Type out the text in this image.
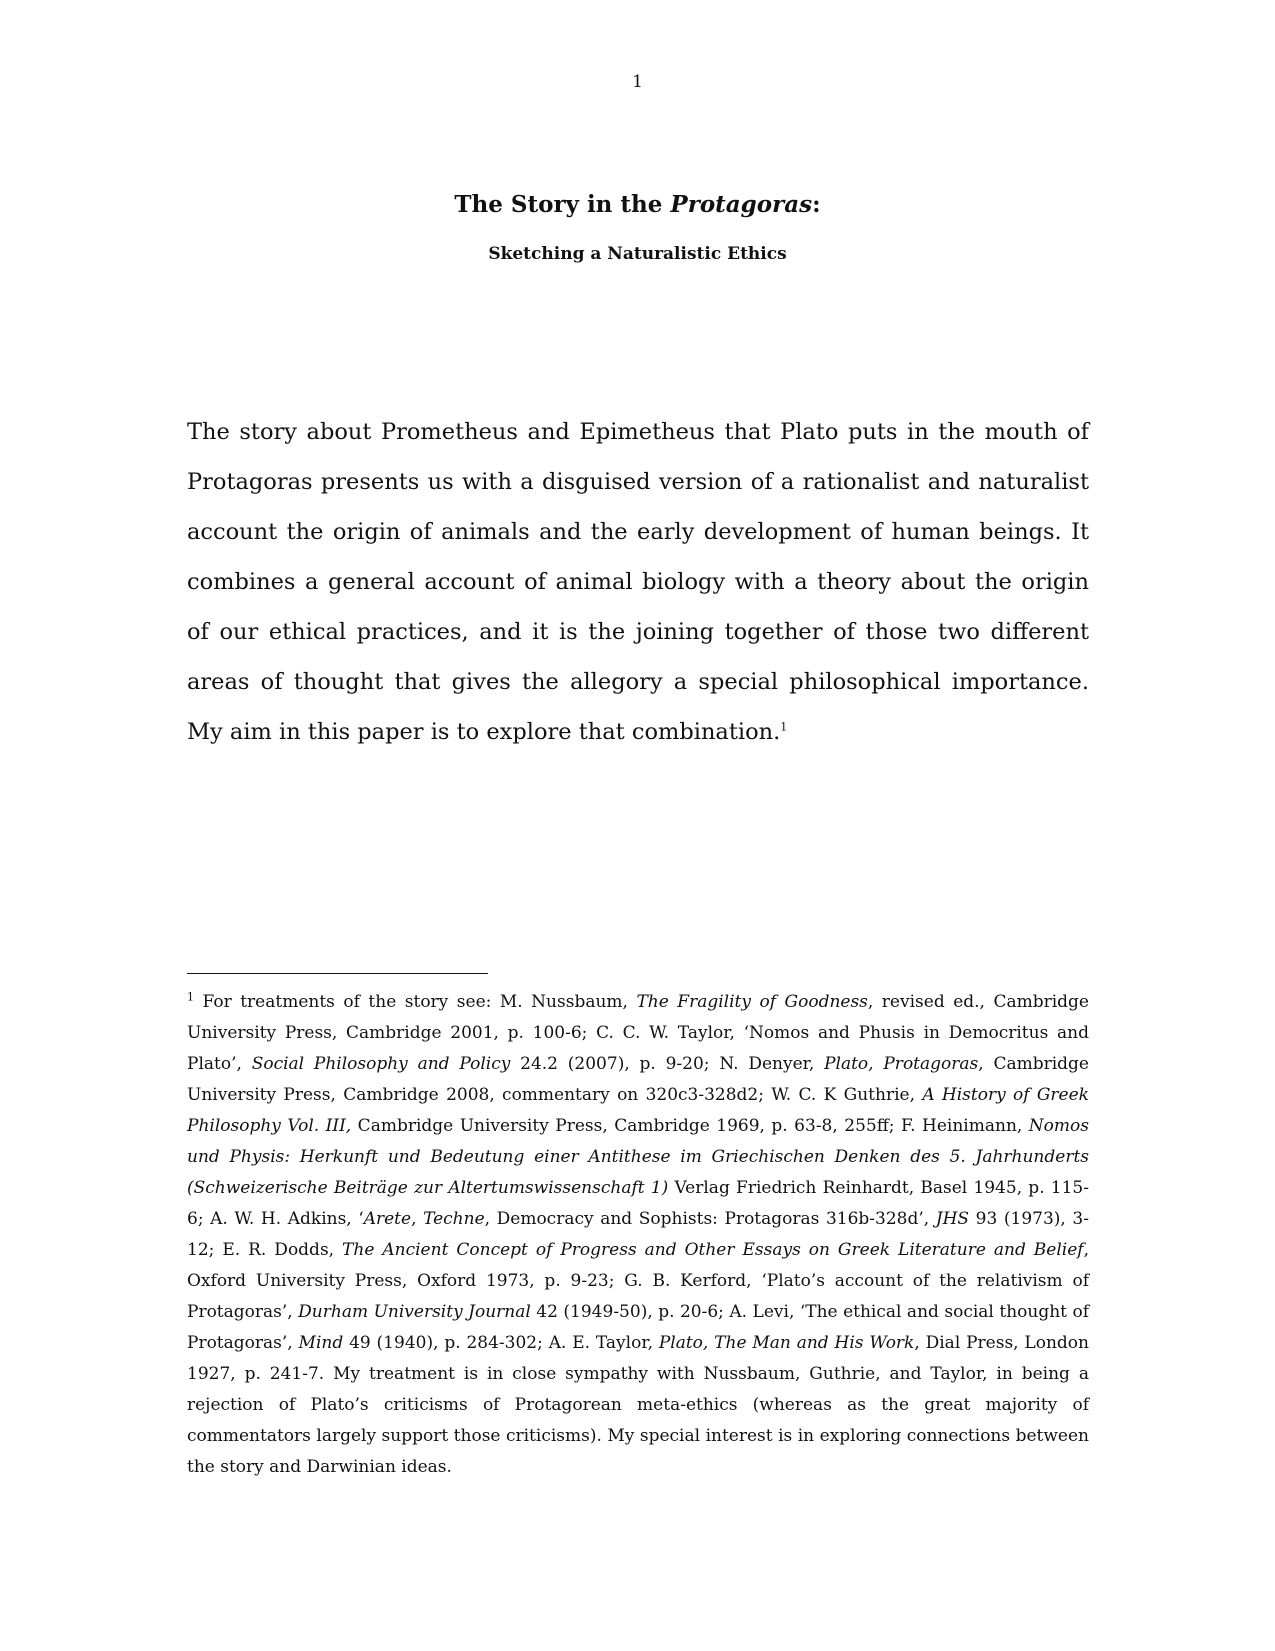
1
The Story in the Protagoras:
Sketching a Naturalistic Ethics

The story about Prometheus and Epimetheus that Plato puts in the mouth of Protagoras presents us with a disguised version of a rationalist and naturalist account the origin of animals and the early development of human beings. It combines a general account of animal biology with a theory about the origin of our ethical practices, and it is the joining together of those two different areas of thought that gives the allegory a special philosophical importance. My aim in this paper is to explore that combination.$^1$

$^1$ For treatments of the story see: M. Nussbaum, The Fragility of Goodness, revised ed., Cambridge University Press, Cambridge 2001, p. 100-6; C. C. W. Taylor, ‘Nomos and Phusis in Democritus and Plato’, Social Philosophy and Policy 24.2 (2007), p. 9-20; N. Denyer, Plato, Protagoras, Cambridge University Press, Cambridge 2008, commentary on 320c3-328d2; W. C. K Guthrie, A History of Greek Philosophy Vol. III, Cambridge University Press, Cambridge 1969, p. 63-8, 255ff; F. Heinimann, Nomos und Physis: Herkunft und Bedeutung einer Antithese im Griechischen Denken des 5. Jahrhunderts (Schweizerische Beiträge zur Altertumswissenschaft 1) Verlag Friedrich Reinhardt, Basel 1945, p. 115-6; A. W. H. Adkins, ‘Arete, Techne, Democracy and Sophists: Protagoras 316b-328d’, JHS 93 (1973), 3-12; E. R. Dodds, The Ancient Concept of Progress and Other Essays on Greek Literature and Belief, Oxford University Press, Oxford 1973, p. 9-23; G. B. Kerford, ‘Plato’s account of the relativism of Protagoras’, Durham University Journal 42 (1949-50), p. 20-6; A. Levi, ‘The ethical and social thought of Protagoras’, Mind 49 (1940), p. 284-302; A. E. Taylor, Plato, The Man and His Work, Dial Press, London 1927, p. 241-7. My treatment is in close sympathy with Nussbaum, Guthrie, and Taylor, in being a rejection of Plato’s criticisms of Protagorean meta-ethics (whereas as the great majority of commentators largely support those criticisms). My special interest is in exploring connections between the story and Darwinian ideas.
